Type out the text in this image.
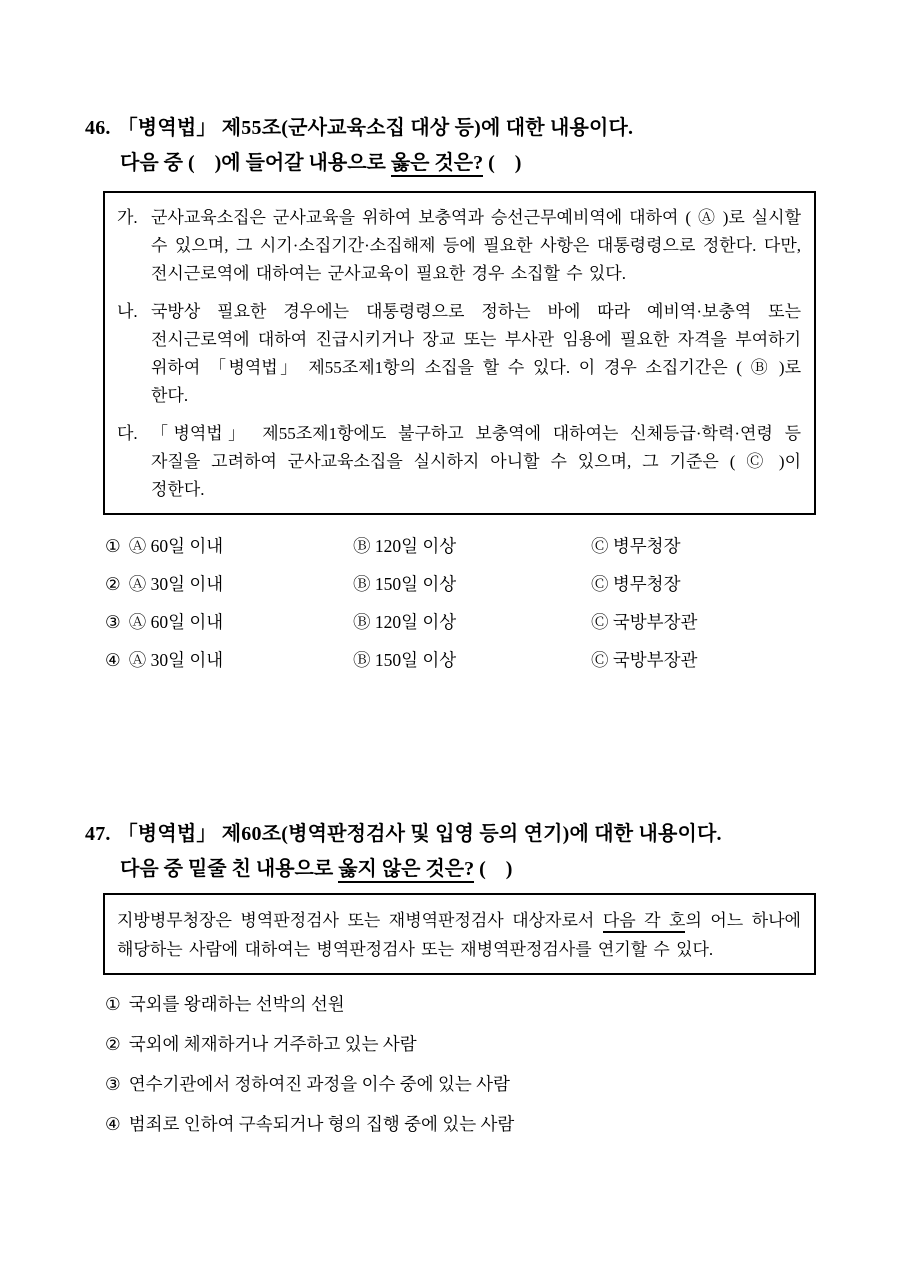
46. 「병역법」 제55조(군사교육소집 대상 등)에 대한 내용이다.
다음 중 (    )에 들어갈 내용으로 옳은 것은? (    )
가. 군사교육소집은 군사교육을 위하여 보충역과 승선근무예비역에 대하여 ( Ⓐ )로 실시할 수 있으며, 그 시기·소집기간·소집해제 등에 필요한 사항은 대통령령으로 정한다. 다만, 전시근로역에 대하여는 군사교육이 필요한 경우 소집할 수 있다.
나. 국방상 필요한 경우에는 대통령령으로 정하는 바에 따라 예비역·보충역 또는 전시근로역에 대하여 진급시키거나 장교 또는 부사관 임용에 필요한 자격을 부여하기 위하여 「병역법」 제55조제1항의 소집을 할 수 있다. 이 경우 소집기간은 ( Ⓑ )로 한다.
다. 「병역법」 제55조제1항에도 불구하고 보충역에 대하여는 신체등급·학력·연령 등 자질을 고려하여 군사교육소집을 실시하지 아니할 수 있으며, 그 기준은 ( Ⓒ )이 정한다.
① Ⓐ 60일 이내	Ⓑ 120일 이상	Ⓒ 병무청장
② Ⓐ 30일 이내	Ⓑ 150일 이상	Ⓒ 병무청장
③ Ⓐ 60일 이내	Ⓑ 120일 이상	Ⓒ 국방부장관
④ Ⓐ 30일 이내	Ⓑ 150일 이상	Ⓒ 국방부장관
47. 「병역법」 제60조(병역판정검사 및 입영 등의 연기)에 대한 내용이다.
다음 중 밑줄 친 내용으로 옳지 않은 것은? (    )
지방병무청장은 병역판정검사 또는 재병역판정검사 대상자로서 다음 각 호의 어느 하나에 해당하는 사람에 대하여는 병역판정검사 또는 재병역판정검사를 연기할 수 있다.
① 국외를 왕래하는 선박의 선원
② 국외에 체재하거나 거주하고 있는 사람
③ 연수기관에서 정하여진 과정을 이수 중에 있는 사람
④ 범죄로 인하여 구속되거나 형의 집행 중에 있는 사람
